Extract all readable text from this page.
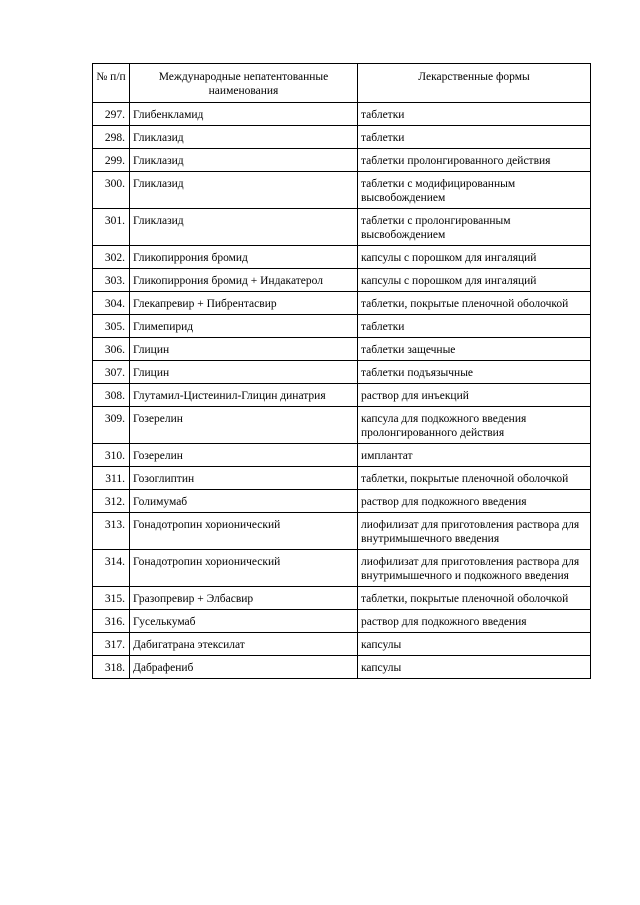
№ п/п	Международные непатентованные наименования	Лекарственные формы
297.	Глибенкламид	таблетки
298.	Гликлазид	таблетки
299.	Гликлазид	таблетки пролонгированного действия
300.	Гликлазид	таблетки с модифицированным высвобождением
301.	Гликлазид	таблетки с пролонгированным высвобождением
302.	Гликопиррония бромид	капсулы с порошком для ингаляций
303.	Гликопиррония бромид + Индакатерол	капсулы с порошком для ингаляций
304.	Глекапревир + Пибрентасвир	таблетки, покрытые пленочной оболочкой
305.	Глимепирид	таблетки
306.	Глицин	таблетки защечные
307.	Глицин	таблетки подъязычные
308.	Глутамил-Цистеинил-Глицин динатрия	раствор для инъекций
309.	Гозерелин	капсула для подкожного введения пролонгированного действия
310.	Гозерелин	имплантат
311.	Гозоглиптин	таблетки, покрытые пленочной оболочкой
312.	Голимумаб	раствор для подкожного введения
313.	Гонадотропин хорионический	лиофилизат для приготовления раствора для внутримышечного введения
314.	Гонадотропин хорионический	лиофилизат для приготовления раствора для внутримышечного и подкожного введения
315.	Гразопревир + Элбасвир	таблетки, покрытые пленочной оболочкой
316.	Гуселькумаб	раствор для подкожного введения
317.	Дабигатрана этексилат	капсулы
318.	Дабрафениб	капсулы
